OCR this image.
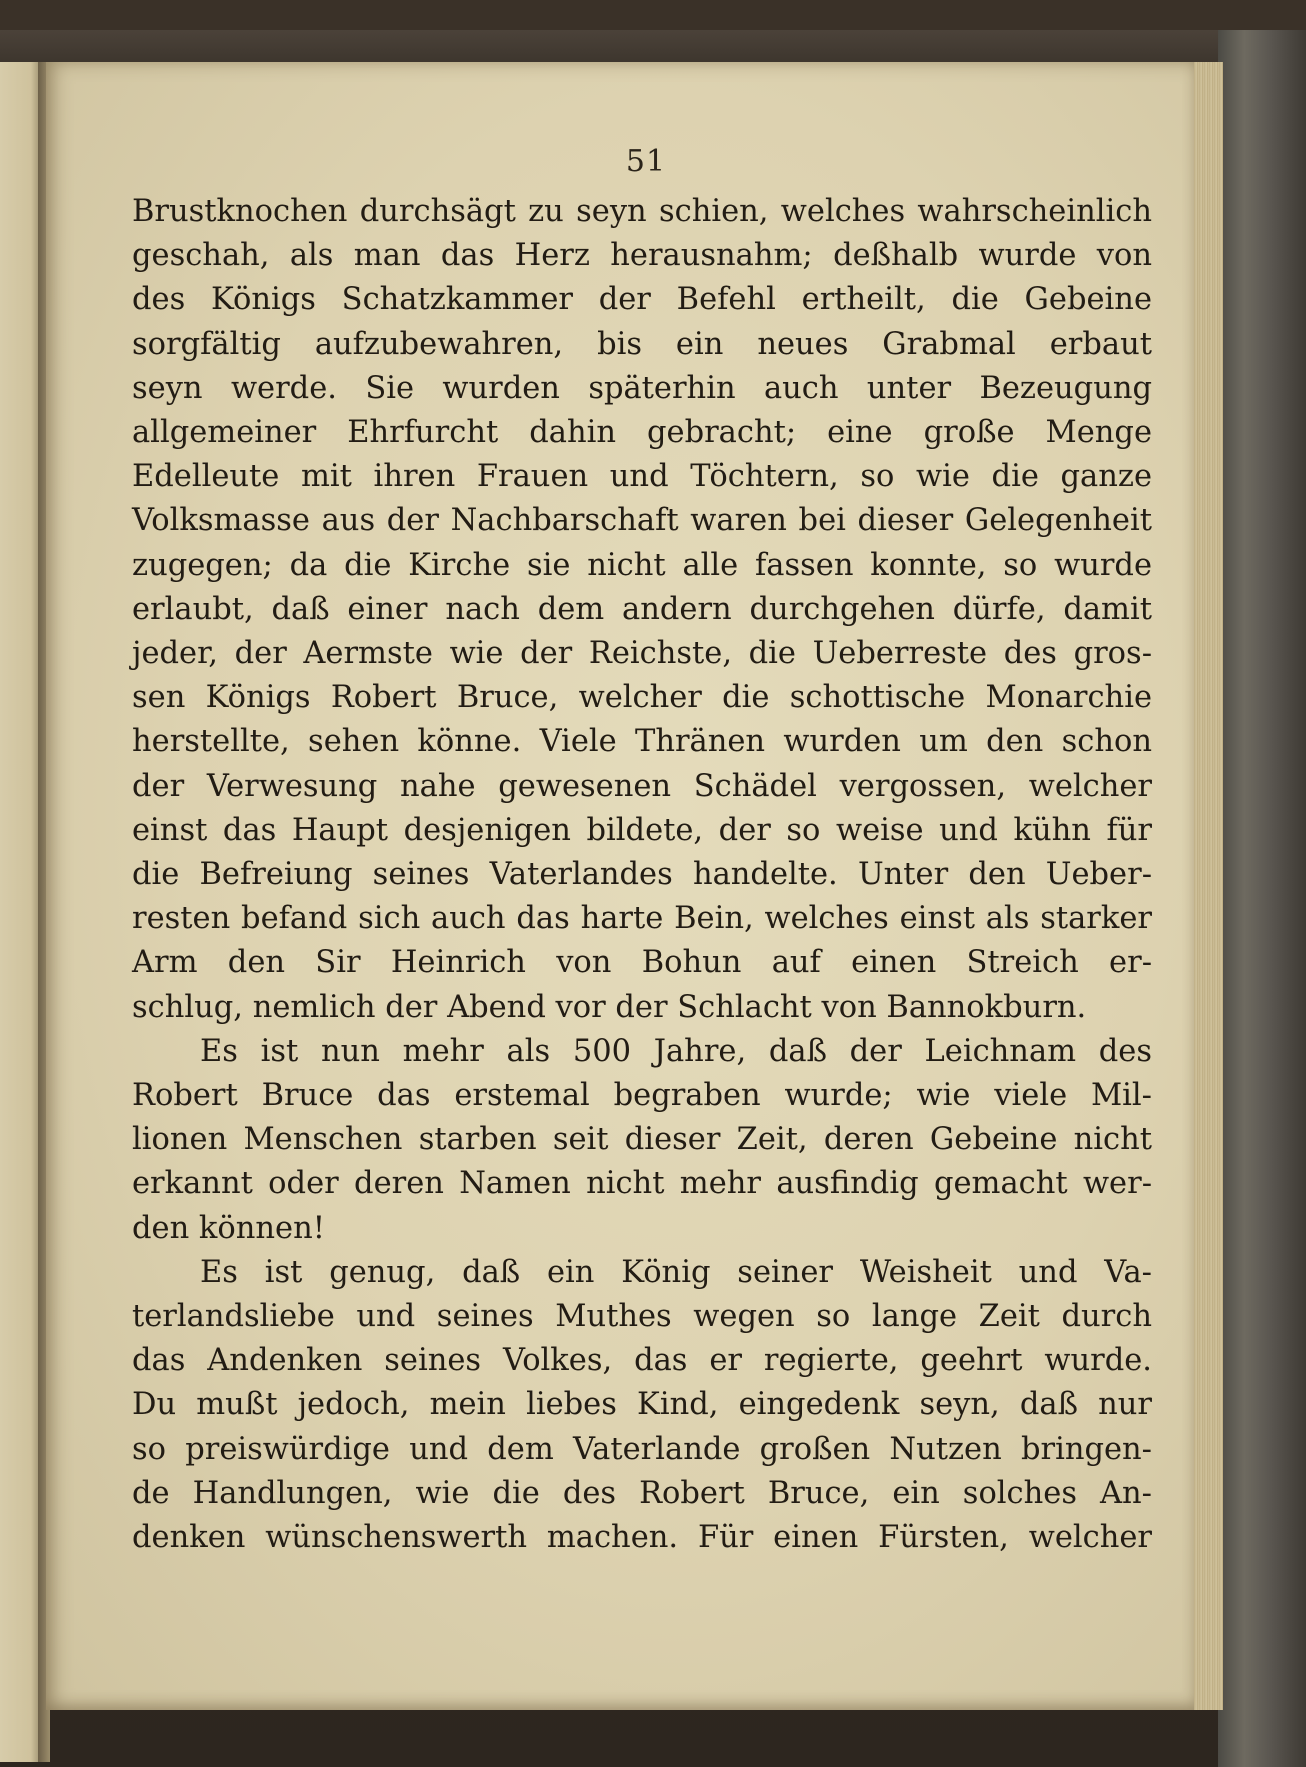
51
Brustknochen durchsägt zu seyn schien, welches wahrscheinlich
geschah, als man das Herz herausnahm; deßhalb wurde von
des Königs Schatzkammer der Befehl ertheilt, die Gebeine
sorgfältig aufzubewahren, bis ein neues Grabmal erbaut
seyn werde. Sie wurden späterhin auch unter Bezeugung
allgemeiner Ehrfurcht dahin gebracht; eine große Menge
Edelleute mit ihren Frauen und Töchtern, so wie die ganze
Volksmasse aus der Nachbarschaft waren bei dieser Gelegenheit
zugegen; da die Kirche sie nicht alle fassen konnte, so wurde
erlaubt, daß einer nach dem andern durchgehen dürfe, damit
jeder, der Aermste wie der Reichste, die Ueberreste des gros-
sen Königs Robert Bruce, welcher die schottische Monarchie
herstellte, sehen könne. Viele Thränen wurden um den schon
der Verwesung nahe gewesenen Schädel vergossen, welcher
einst das Haupt desjenigen bildete, der so weise und kühn für
die Befreiung seines Vaterlandes handelte. Unter den Ueber-
resten befand sich auch das harte Bein, welches einst als starker
Arm den Sir Heinrich von Bohun auf einen Streich er-
schlug, nemlich der Abend vor der Schlacht von Bannokburn.
Es ist nun mehr als 500 Jahre, daß der Leichnam des
Robert Bruce das erstemal begraben wurde; wie viele Mil-
lionen Menschen starben seit dieser Zeit, deren Gebeine nicht
erkannt oder deren Namen nicht mehr ausfindig gemacht wer-
den können!
Es ist genug, daß ein König seiner Weisheit und Va-
terlandsliebe und seines Muthes wegen so lange Zeit durch
das Andenken seines Volkes, das er regierte, geehrt wurde.
Du mußt jedoch, mein liebes Kind, eingedenk seyn, daß nur
so preiswürdige und dem Vaterlande großen Nutzen bringen-
de Handlungen, wie die des Robert Bruce, ein solches An-
denken wünschenswerth machen. Für einen Fürsten, welcher
